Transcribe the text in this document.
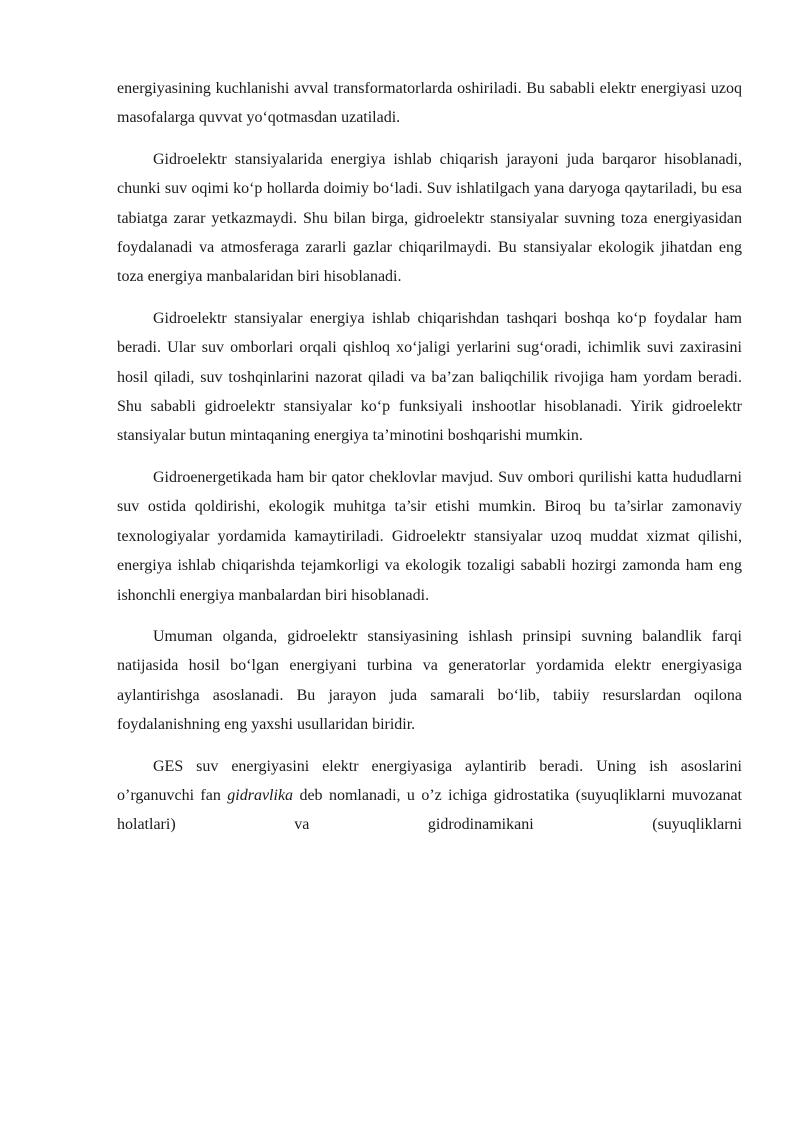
energiyasining kuchlanishi avval transformatorlarda oshiriladi. Bu sababli elektr energiyasi uzoq masofalarga quvvat yo‘qotmasdan uzatiladi.

Gidroelektr stansiyalarida energiya ishlab chiqarish jarayoni juda barqaror hisoblanadi, chunki suv oqimi ko‘p hollarda doimiy bo‘ladi. Suv ishlatilgach yana daryoga qaytariladi, bu esa tabiatga zarar yetkazmaydi. Shu bilan birga, gidroelektr stansiyalar suvning toza energiyasidan foydalanadi va atmosferaga zararli gazlar chiqarilmaydi. Bu stansiyalar ekologik jihatdan eng toza energiya manbalaridan biri hisoblanadi.

Gidroelektr stansiyalar energiya ishlab chiqarishdan tashqari boshqa ko‘p foydalar ham beradi. Ular suv omborlari orqali qishloq xo‘jaligi yerlarini sug‘oradi, ichimlik suvi zaxirasini hosil qiladi, suv toshqinlarini nazorat qiladi va ba’zan baliqchilik rivojiga ham yordam beradi. Shu sababli gidroelektr stansiyalar ko‘p funksiyali inshootlar hisoblanadi. Yirik gidroelektr stansiyalar butun mintaqaning energiya ta’minotini boshqarishi mumkin.

Gidroenergetikada ham bir qator cheklovlar mavjud. Suv ombori qurilishi katta hududlarni suv ostida qoldirishi, ekologik muhitga ta’sir etishi mumkin. Biroq bu ta’sirlar zamonaviy texnologiyalar yordamida kamaytiriladi. Gidroelektr stansiyalar uzoq muddat xizmat qilishi, energiya ishlab chiqarishda tejamkorligi va ekologik tozaligi sababli hozirgi zamonda ham eng ishonchli energiya manbalardan biri hisoblanadi.

Umuman olganda, gidroelektr stansiyasining ishlash prinsipi suvning balandlik farqi natijasida hosil bo‘lgan energiyani turbina va generatorlar yordamida elektr energiyasiga aylantirishga asoslanadi. Bu jarayon juda samarali bo‘lib, tabiiy resurslardan oqilona foydalanishning eng yaxshi usullaridan biridir.

GES suv energiyasini elektr energiyasiga aylantirib beradi. Uning ish asoslarini o’rganuvchi fan gidravlika deb nomlanadi, u o’z ichiga gidrostatika (suyuqliklarni muvozanat holatlari) va gidrodinamikani (suyuqliklarni
